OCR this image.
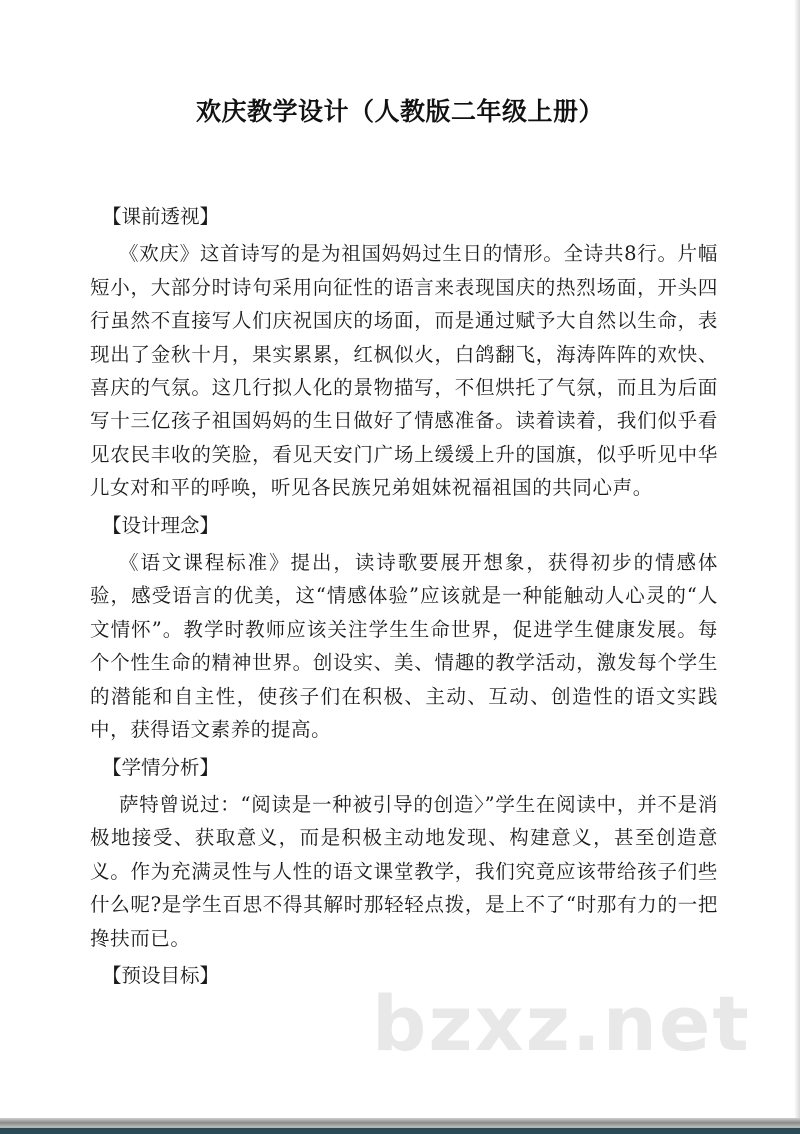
欢庆教学设计（人教版二年级上册）
【课前透视】

《欢庆》这首诗写的是为祖国妈妈过生日的情形。全诗共8行。片幅短小，大部分时诗句采用向征性的语言来表现国庆的热烈场面，开头四行虽然不直接写人们庆祝国庆的场面，而是通过赋予大自然以生命，表现出了金秋十月，果实累累，红枫似火，白鸽翻飞，海涛阵阵的欢快、喜庆的气氛。这几行拟人化的景物描写，不但烘托了气氛，而且为后面写十三亿孩子祖国妈妈的生日做好了情感准备。读着读着，我们似乎看见农民丰收的笑脸，看见天安门广场上缓缓上升的国旗，似乎听见中华儿女对和平的呼唤，听见各民族兄弟姐妹祝福祖国的共同心声。

【设计理念】

《语文课程标准》提出，读诗歌要展开想象，获得初步的情感体验，感受语言的优美，这“情感体验”应该就是一种能触动人心灵的“人文情怀”。教学时教师应该关注学生生命世界，促进学生健康发展。每个个性生命的精神世界。创设实、美、情趣的教学活动，激发每个学生的潜能和自主性，使孩子们在积极、主动、互动、创造性的语文实践中，获得语文素养的提高。

【学情分析】

萨特曾说过：“阅读是一种被引导的创造〉”学生在阅读中，并不是消极地接受、获取意义，而是积极主动地发现、构建意义，甚至创造意义。作为充满灵性与人性的语文课堂教学，我们究竟应该带给孩子们些什么呢?是学生百思不得其解时那轻轻点拨，是上不了“时那有力的一把搀扶而已。

【预设目标】
bzxz.net
